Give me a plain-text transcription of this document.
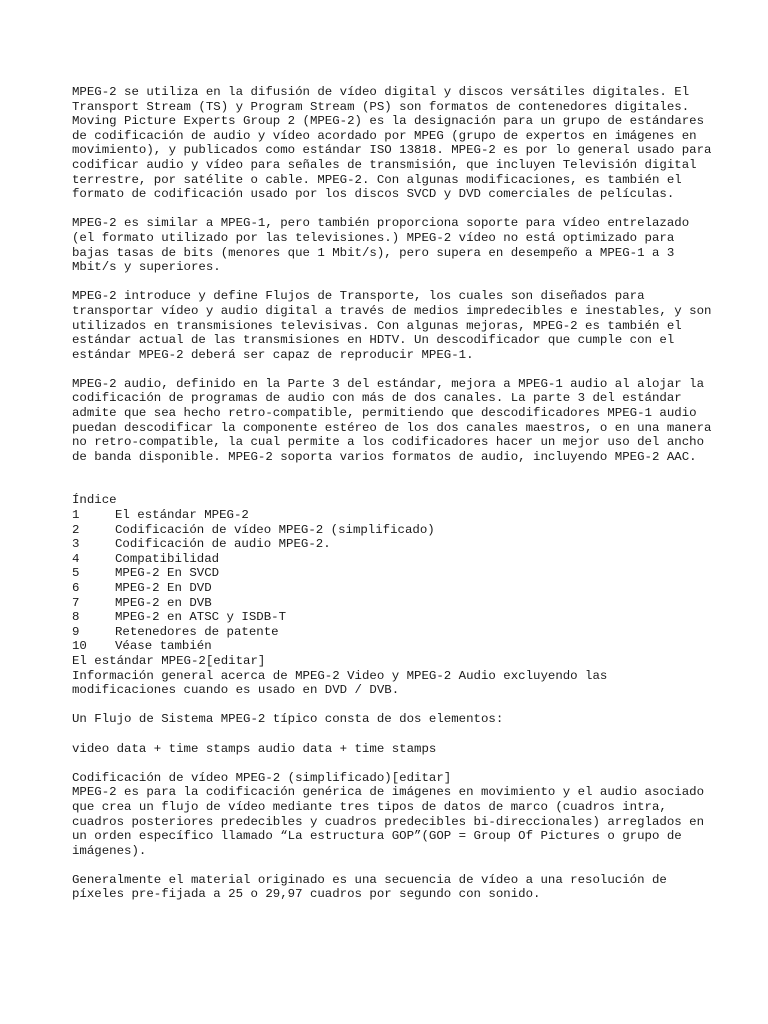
MPEG-2 se utiliza en la difusión de vídeo digital y discos versátiles digitales. El Transport Stream (TS) y Program Stream (PS) son formatos de contenedores digitales. Moving Picture Experts Group 2 (MPEG-2) es la designación para un grupo de estándares de codificación de audio y vídeo acordado por MPEG (grupo de expertos en imágenes en movimiento), y publicados como estándar ISO 13818. MPEG-2 es por lo general usado para codificar audio y vídeo para señales de transmisión, que incluyen Televisión digital terrestre, por satélite o cable. MPEG-2. Con algunas modificaciones, es también el formato de codificación usado por los discos SVCD y DVD comerciales de películas.

MPEG-2 es similar a MPEG-1, pero también proporciona soporte para vídeo entrelazado (el formato utilizado por las televisiones.) MPEG-2 vídeo no está optimizado para bajas tasas de bits (menores que 1 Mbit/s), pero supera en desempeño a MPEG-1 a 3 Mbit/s y superiores.

MPEG-2 introduce y define Flujos de Transporte, los cuales son diseñados para transportar vídeo y audio digital a través de medios impredecibles e inestables, y son utilizados en transmisiones televisivas. Con algunas mejoras, MPEG-2 es también el estándar actual de las transmisiones en HDTV. Un descodificador que cumple con el estándar MPEG-2 deberá ser capaz de reproducir MPEG-1.

MPEG-2 audio, definido en la Parte 3 del estándar, mejora a MPEG-1 audio al alojar la codificación de programas de audio con más de dos canales. La parte 3 del estándar admite que sea hecho retro-compatible, permitiendo que descodificadores MPEG-1 audio puedan descodificar la componente estéreo de los dos canales maestros, o en una manera no retro-compatible, la cual permite a los codificadores hacer un mejor uso del ancho de banda disponible. MPEG-2 soporta varios formatos de audio, incluyendo MPEG-2 AAC.

Índice
1	El estándar MPEG-2
2	Codificación de vídeo MPEG-2 (simplificado)
3	Codificación de audio MPEG-2.
4	Compatibilidad
5	MPEG-2 En SVCD
6	MPEG-2 En DVD
7	MPEG-2 en DVB
8	MPEG-2 en ATSC y ISDB-T
9	Retenedores de patente
10	Véase también
El estándar MPEG-2[editar]

Información general acerca de MPEG-2 Video y MPEG-2 Audio excluyendo las modificaciones cuando es usado en DVD / DVB.

Un Flujo de Sistema MPEG-2 típico consta de dos elementos:

video data + time stamps audio data + time stamps

Codificación de vídeo MPEG-2 (simplificado)[editar]

MPEG-2 es para la codificación genérica de imágenes en movimiento y el audio asociado que crea un flujo de vídeo mediante tres tipos de datos de marco (cuadros intra, cuadros posteriores predecibles y cuadros predecibles bi-direccionales) arreglados en un orden específico llamado “La estructura GOP”(GOP = Group Of Pictures o grupo de imágenes).

Generalmente el material originado es una secuencia de vídeo a una resolución de píxeles pre-fijada a 25 o 29,97 cuadros por segundo con sonido.
